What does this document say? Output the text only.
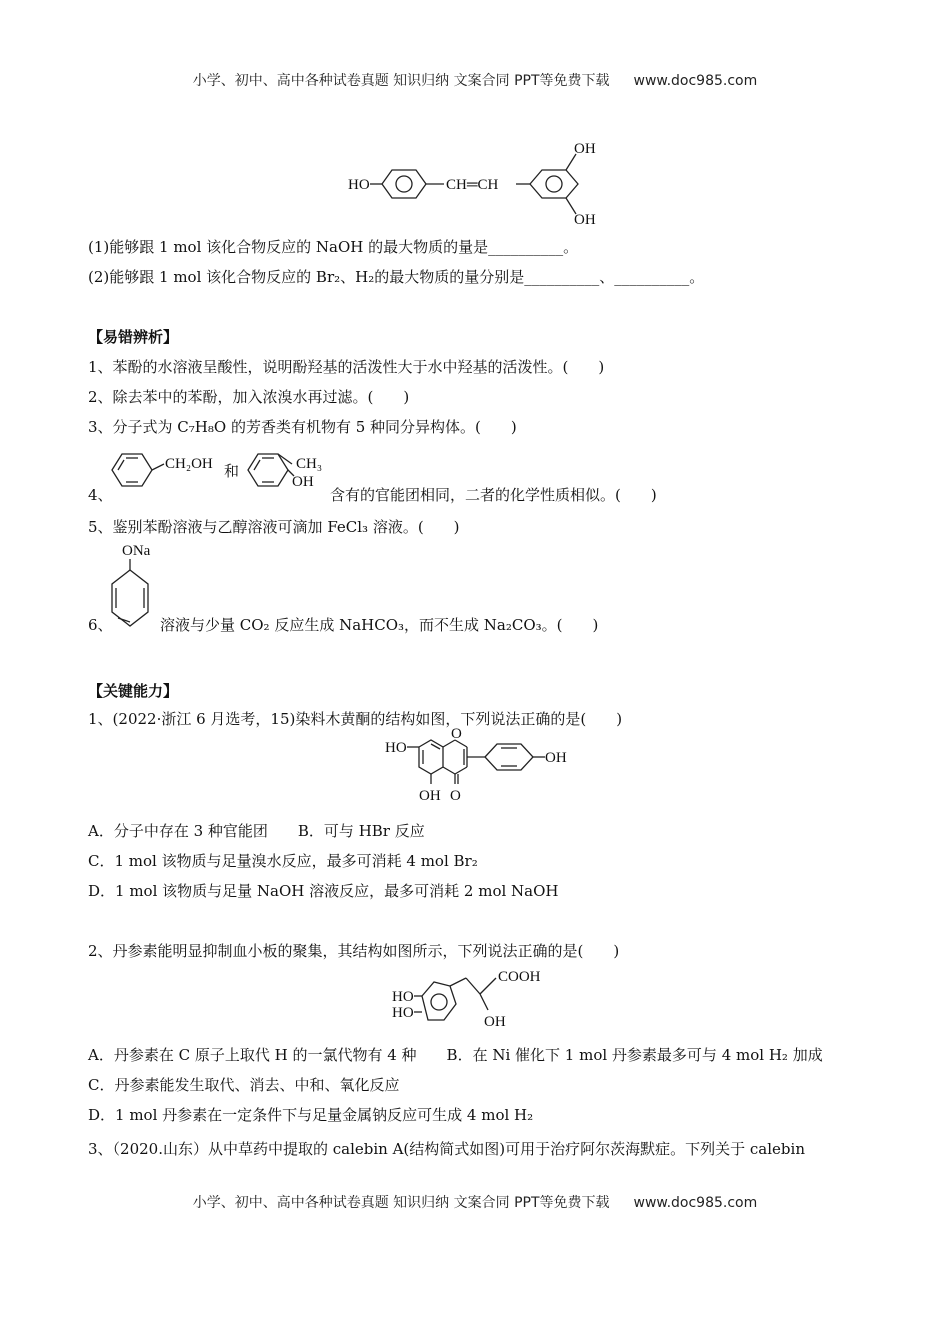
小学、初中、高中各种试卷真题 知识归纳 文案合同 PPT等免费下载 www.doc985.com
HO	CH═CH
OH
OH
(1)能够跟 1 mol 该化合物反应的 NaOH 的最大物质的量是__________。
(2)能够跟 1 mol 该化合物反应的 Br₂、H₂的最大物质的量分别是__________、__________。
【易错辨析】
1、苯酚的水溶液呈酸性，说明酚羟基的活泼性大于水中羟基的活泼性。(　　)
2、除去苯中的苯酚，加入浓溴水再过滤。(　　)
3、分子式为 C₇H₈O 的芳香类有机物有 5 种同分异构体。(　　)
4、
CH₂OH 和	CH₃
OH
含有的官能团相同，二者的化学性质相似。(　　)
5、鉴别苯酚溶液与乙醇溶液可滴加 FeCl₃ 溶液。(　　)
6、
ONa
溶液与少量 CO₂ 反应生成 NaHCO₃，而不生成 Na₂CO₃。(　　)
【关键能力】
1、(2022·浙江 6 月选考，15)染料木黄酮的结构如图，下列说法正确的是(　　)
HO
O
O
OH
OH
A．分子中存在 3 种官能团　　B．可与 HBr 反应
C．1 mol 该物质与足量溴水反应，最多可消耗 4 mol Br₂
D．1 mol 该物质与足量 NaOH 溶液反应，最多可消耗 2 mol NaOH
2、丹参素能明显抑制血小板的聚集，其结构如图所示，下列说法正确的是(　　)
HO
HO
COOH
OH
A．丹参素在 C 原子上取代 H 的一氯代物有 4 种　　B．在 Ni 催化下 1 mol 丹参素最多可与 4 mol H₂ 加成
C．丹参素能发生取代、消去、中和、氧化反应
D．1 mol 丹参素在一定条件下与足量金属钠反应可生成 4 mol H₂
3、（2020.山东）从中草药中提取的 calebin A(结构简式如图)可用于治疗阿尔茨海默症。下列关于 calebin
小学、初中、高中各种试卷真题 知识归纳 文案合同 PPT等免费下载 www.doc985.com
